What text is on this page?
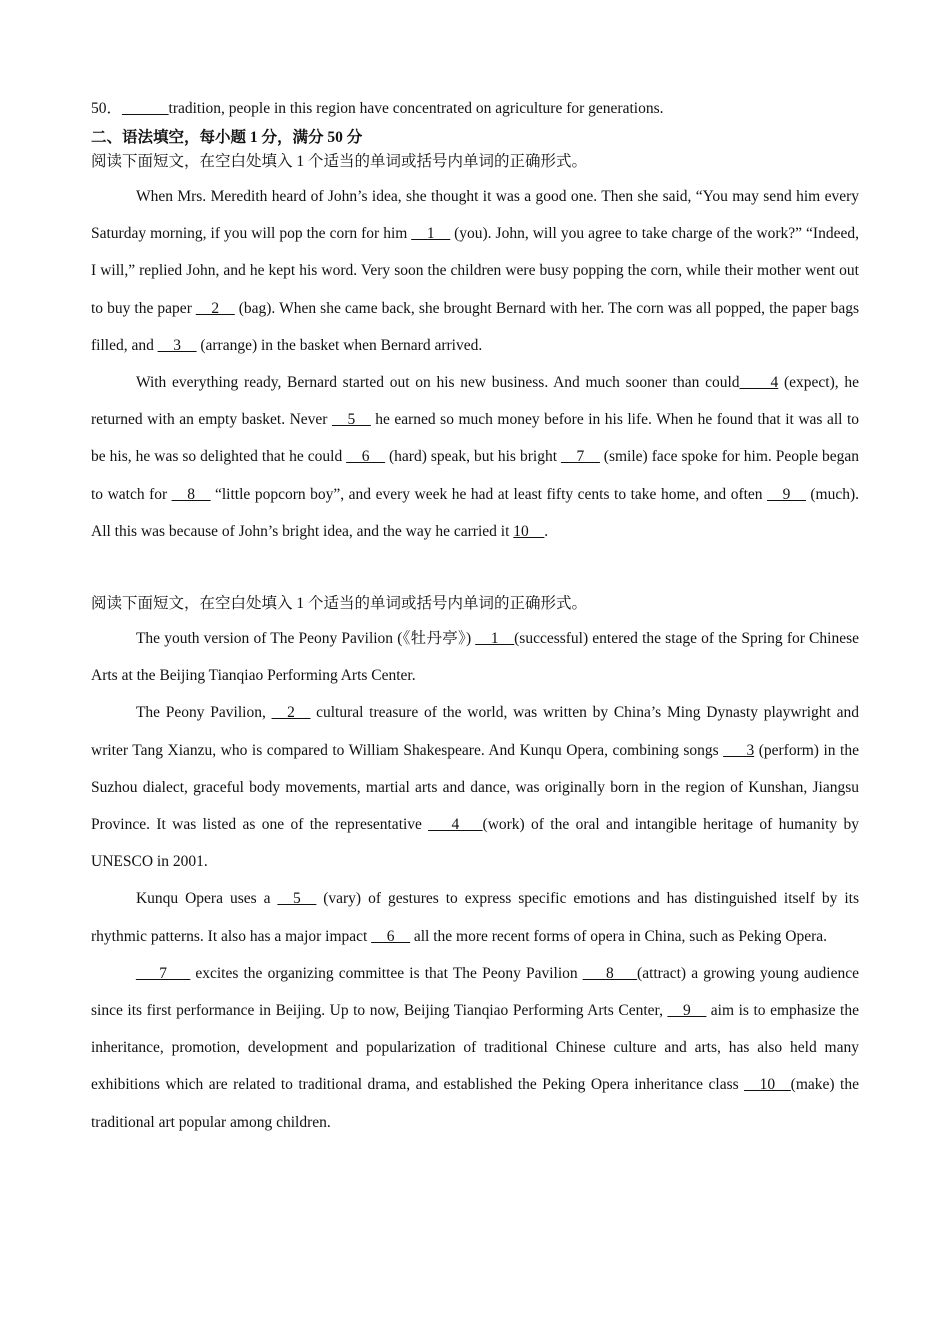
50．______tradition, people in this region have concentrated on agriculture for generations.
二、语法填空，每小题 1 分，满分 50 分
阅读下面短文，在空白处填入 1 个适当的单词或括号内单词的正确形式。

When Mrs. Meredith heard of John’s idea, she thought it was a good one. Then she said, “You may send him every Saturday morning, if you will pop the corn for him __1__ (you). John, will you agree to take charge of the work?” “Indeed, I will,” replied John, and he kept his word. Very soon the children were busy popping the corn, while their mother went out to buy the paper __2__ (bag). When she came back, she brought Bernard with her. The corn was all popped, the paper bags filled, and __3__ (arrange) in the basket when Bernard arrived.

With everything ready, Bernard started out on his new business. And much sooner than could____4 (expect), he returned with an empty basket. Never __5__ he earned so much money before in his life. When he found that it was all to be his, he was so delighted that he could __6__ (hard) speak, but his bright __7__ (smile) face spoke for him. People began to watch for __8__ “little popcorn boy”, and every week he had at least fifty cents to take home, and often __9__ (much). All this was because of John’s bright idea, and the way he carried it 10__.

阅读下面短文，在空白处填入 1 个适当的单词或括号内单词的正确形式。

The youth version of The Peony Pavilion (《牡丹亭》) __1__(successful) entered the stage of the Spring for Chinese Arts at the Beijing Tianqiao Performing Arts Center.

The Peony Pavilion, __2__ cultural treasure of the world, was written by China’s Ming Dynasty playwright and writer Tang Xianzu, who is compared to William Shakespeare. And Kunqu Opera, combining songs ___3 (perform) in the Suzhou dialect, graceful body movements, martial arts and dance, was originally born in the region of Kunshan, Jiangsu Province. It was listed as one of the representative ___4___(work) of the oral and intangible heritage of humanity by UNESCO in 2001.

Kunqu Opera uses a __5__ (vary) of gestures to express specific emotions and has distinguished itself by its rhythmic patterns. It also has a major impact __6__ all the more recent forms of opera in China, such as Peking Opera.

___7___ excites the organizing committee is that The Peony Pavilion ___8___(attract) a growing young audience since its first performance in Beijing. Up to now, Beijing Tianqiao Performing Arts Center, __9__ aim is to emphasize the inheritance, promotion, development and popularization of traditional Chinese culture and arts, has also held many exhibitions which are related to traditional drama, and established the Peking Opera inheritance class __10__(make) the traditional art popular among children.
